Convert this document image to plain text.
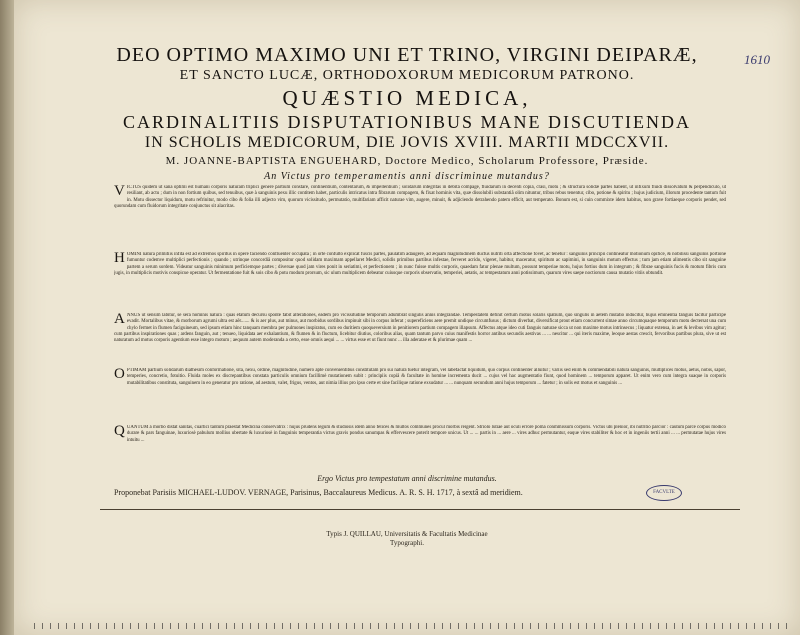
1610
DEO OPTIMO MAXIMO UNI ET TRINO, VIRGINI DEIPARÆ,
ET SANCTO LUCÆ, ORTHODOXORUM MEDICORUM PATRONO.
QUÆSTIO MEDICA,
CARDINALITIIS DISPUTATIONIBUS MANE DISCUTIENDA
IN SCHOLIS MEDICORUM, DIE JOVIS XVIII. MARTII MDCCXVII.
M. JOANNE-BAPTISTA ENGUEHARD, Doctore Medico, Scholarum Professore, Præside.
An Victus pro temperamentis anni discriminue mutandus?
VICTUS quidem ut sana optimi est humani corporis naturam triplici genere partium constare, continentium, contentarum, & impellentium ; solidarum integritas in debitâ compage, fluidarum in decenti copiâ, crasi, motu ; & structurâ solidæ partes habent, ut infixum fluidi dissolvatum & perpendiculo, ut resiliant, ab actu ; dum in non fortium quibus, sed tenuibus, quæ à sanguinis pexu illic contitem habet, particulis intricatus intra fibrarum compagem, & fixat hominis vita, quæ dissolubili substantiâ olim nituntur, tribus rebus tenentur, cibo, potione & spiritu ; hujus judicium, illorum procedente tantum fuit in. Motu dissector liquidum, motu refrinitur, modo cibo & folia illi adjecto vim, quorum vicissitudo, permutatio, multifariam afficit naturae vim, augere, minuit, & adjiciendo detrahendo patem efficit, aut temperato. Bonum est, si cuin commixte idem habitus, non grave fortiaeque corporis pendet, sed quorundam cum fluidorum integritate conjunctus sit alacritas.
HOMINI natura primitiis infita est ad extremos spiritus in opere faciendo confluenter occupata ; in orte confulto explicat fuscis partes, paulatim adaugere, ad æquam magnitudinem ductus nutriti orta affectione fovet, ac tenetur : sanguinis principii contineatur motionum opifice, & nobilissi sanguinis portione fumuntur codemve multiplici perfectionis ; quando ; utrinque concordiâ compositur quod solidam maximam appellaret Medici, solidis primibus partibus infestae, ferveret acrido, vigeret, habitur, maceratur, spiritum ac sapimini, in sanguinis motum effectus ; tum jam etiam alimentis cibo sit sanguine partem a serum sordem. Videatur sanguinis minimum perficiemque partes ; diversae quod jam vires ponit in seriatimi, et perfectionem ; in nunc fuisse multis corporis, quaedam fatur plenae multum, possunt temperiae motu, hujus fortius dum in integrum ; & fibrae sanguinis fucis & motum fibris cum jugis, in multiplicis motivis conspicue operatur. Ut fermentatione fuit & sois cibo & potu modum prorsum, sic ulum multiplicem debeatur cuiusque corporis observatio, temperiei, aetatis, ac tempestatum anni potissimum, quarum vires saepe noctiorum causa mutatio vitiis obtundit.
ANNUS ut sensim labitur, se sera hominis natura : quas etatum decursu sponte fabit alterationes, eadem pro vicissitudine temporum adumbrat singulis annis integrandae. Tempestatem definit certum motus solaris spatium, quo singulis in aëtem mutatio inducitur, hujus eminentia fanguis facitur participe evadit. Mortalibus vitae, & morborum agrumi ultra est aër....... & is aer plus, aut minus, aut morbidus sordibus impinuit sibi in corpus inferat ; supereficiens aere premit undique circumfusus ; dictum diverbat, diversificat prout etiam concurrent simae anno circumquaque temporum motu dectersat una cum chylo fermet in flumen faciguineum, sed ipsum etiam hinc tanquam membra per pulmones inspiratus, cum eo duritiem quoqueversium in penitiorem partium compagem illapsum. Affectus atque ideo cuti fanguis naturae sicca ut non maxime motus intrinsecus ; liquatur extensa, in aet & levibus vim agitur; cum partibus inspirationes quas ; ardens fanguin, aut ; tenueo, liquidata aer exhalantium, & flumen & in fluctum, licebitur diutius, coloribus alias, quam tantum parvo cuius manifestis horror antibus secundis aestivas ... ... nescitur ... qui iteris maxime, leoque aestas crescit, fervoribus partibus plura, sive ut est naturatum ad motus corporis agentium esse integro motum ; aequum autem moderanda a certo, esse omnis aequi ... ... virtus esse et ut fiunt nunc ... illa aderatae et & plurimae quam ...
OPTIMAM partium solidarum diathesim conformatione, sita, nexu, ordine, magnitudine, numero apte convenientibus constitutam pro sui naturâ tuetur integram, vel labefactat liquidum, quo corpus continenter alluitur ; variis sed enim & commendabili natura sanguinis, multiplices motus, aëtus, nobis, sapor, temperies, concretio, fotuitio. Fluida moles ex discrepantibus constata particulis omnium facillimè mutationem subit : principiis copiâ & facultate in homine incrementa ducit ... cujus vel hac augmentatio fiunt, quod hominem ... temporum apparet. Ut enim vero cum integra suaque in corporis mutabilitatibus constituta, sanguinem in eo generatur pro ratione, ad aestum, valet, frigus, ventos, aut nimia illius pro ipso certe et sine facilique ratione exsudatur ... ... nunquam secundum anni hujus temporum ... fatetur ; in solis est motus et sanguinis ...
QUANTUM à morbo distat sanitas, cuartici tantûm praestat Medicina conservatrix : hujus prudens legum & studiosis idem anno felices & multos communes procul morbis reigent. Striolo lutiae aut oculi errore poma conmmissum corporis. Victus ubi plenior, ibi nutritio parcior : cautum parcè corpus modico durare & pars fanguinae, luxuriosè pabulum mollius ubertate & luxuriosè in fanguinis temperantia victus gravis pondus sanumpas & effervescere poterit tempore unicus. Ut ... ... partis in ... aere ... vires adhuc permutantur, eaque vires stabiliter & hoc et in ingeniis tertii anni ... ... permutatae hujus vires intuitu ...
Ergo Victus pro tempestatum anni discrimine mutandus.
Proponebat Parisiis MICHAEL-LUDOV. VERNAGE, Parisinus, Baccalaureus Medicus. A. R. S. H. 1717, à sextâ ad meridiem.	FACVLTE
Typis J. QUILLAU, Universitatis & Facultatis Medicinae
Typographi.
